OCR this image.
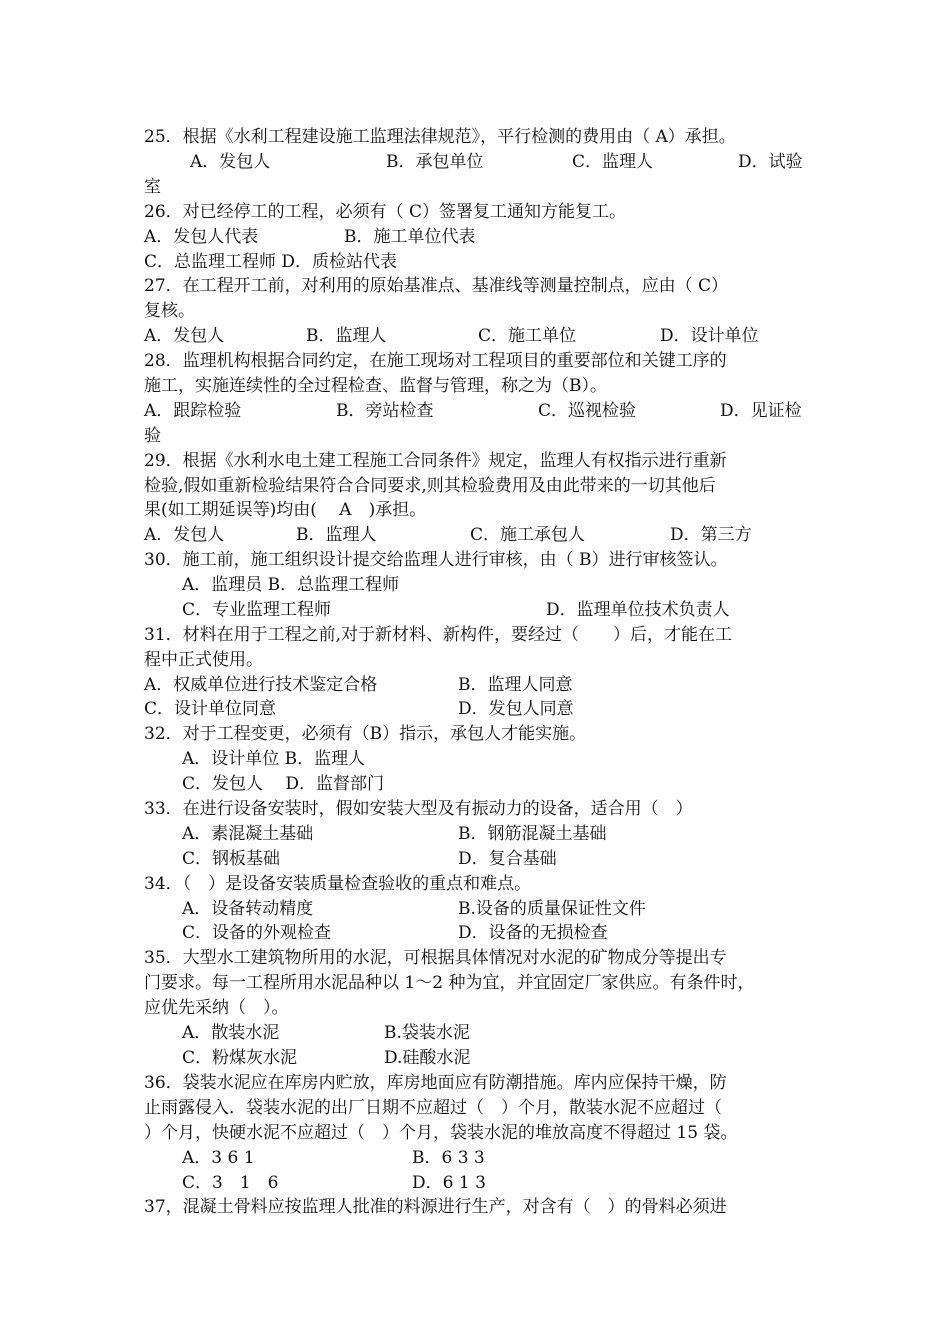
25．根据《水利工程建设施工监理法律规范》，平行检测的费用由（ A）承担。
A．发包人	B．承包单位	C．监理人	D．试验
室
26．对已经停工的工程，必须有（ C）签署复工通知方能复工。
A．发包人代表	B．施工单位代表
C．总监理工程师 D．质检站代表
27．在工程开工前，对利用的原始基准点、基准线等测量控制点，应由（ C）
复核。
A．发包人	B．监理人	C．施工单位	D．设计单位
28．监理机构根据合同约定，在施工现场对工程项目的重要部位和关键工序的
施工，实施连续性的全过程检查、监督与管理，称之为（B）。
A．跟踪检验	B．旁站检查	C．巡视检验	D．见证检
验
29．根据《水利水电土建工程施工合同条件》规定，监理人有权指示进行重新
检验,假如重新检验结果符合合同要求,则其检验费用及由此带来的一切其他后
果(如工期延误等)均由(　 A　)承担。
A．发包人	B．监理人	C．施工承包人	D．第三方
30．施工前，施工组织设计提交给监理人进行审核，由（ B）进行审核签认。
A．监理员 B．总监理工程师
C．专业监理工程师	D．监理单位技术负责人
31．材料在用于工程之前,对于新材料、新构件，要经过（　　）后，才能在工
程中正式使用。
A．权威单位进行技术鉴定合格	B．监理人同意
C．设计单位同意	D．发包人同意
32．对于工程变更，必须有（B）指示，承包人才能实施。
A．设计单位 B．监理人
C．发包人　 D．监督部门
33．在进行设备安装时，假如安装大型及有振动力的设备，适合用（　）
A．素混凝土基础	B．钢筋混凝土基础
C．钢板基础	D．复合基础
34．（　）是设备安装质量检查验收的重点和难点。
A．设备转动精度	B.设备的质量保证性文件
C．设备的外观检查	D．设备的无损检查
35．大型水工建筑物所用的水泥，可根据具体情况对水泥的矿物成分等提出专
门要求。每一工程所用水泥品种以 1～2 种为宜，并宜固定厂家供应。有条件时，
应优先采纳（　）。
A．散装水泥	B.袋装水泥
C．粉煤灰水泥	D.硅酸水泥
36．袋装水泥应在库房内贮放，库房地面应有防潮措施。库内应保持干燥，防
止雨露侵入．袋装水泥的出厂日期不应超过（　）个月，散装水泥不应超过（
）个月，快硬水泥不应超过（　）个月，袋装水泥的堆放高度不得超过 15 袋。
A．3 6 1	B．6 3 3
C．3　1　6	D．6 1 3
37，混凝土骨料应按监理人批准的料源进行生产，对含有（　）的骨料必须进
